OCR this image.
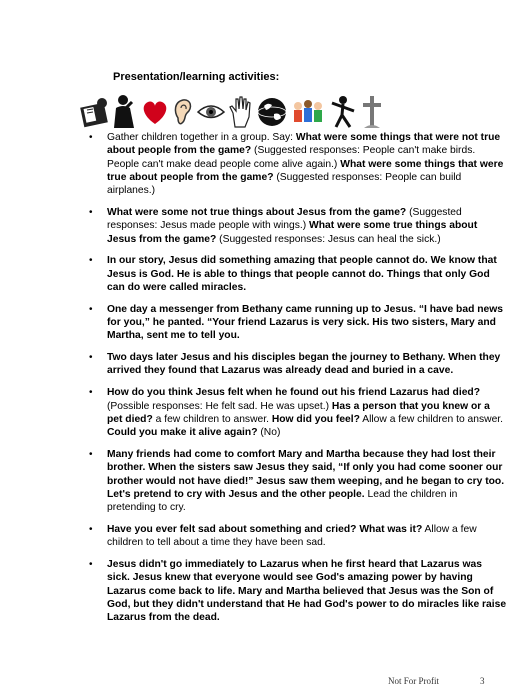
Presentation/learning activities:
• Gather children together in a group. Say: What were some things that were not true about people from the game? (Suggested responses: People can't make birds. People can't make dead people come alive again.) What were some things that were true about people from the game? (Suggested responses: People can build airplanes.)
• What were some not true things about Jesus from the game? (Suggested responses: Jesus made people with wings.) What were some true things about Jesus from the game? (Suggested responses: Jesus can heal the sick.)
• In our story, Jesus did something amazing that people cannot do. We know that Jesus is God. He is able to things that people cannot do. Things that only God can do were called miracles.
• One day a messenger from Bethany came running up to Jesus. “I have bad news for you,” he panted. “Your friend Lazarus is very sick. His two sisters, Mary and Martha, sent me to tell you.
• Two days later Jesus and his disciples began the journey to Bethany. When they arrived they found that Lazarus was already dead and buried in a cave.
• How do you think Jesus felt when he found out his friend Lazarus had died? (Possible responses: He felt sad. He was upset.) Has a person that you knew or a pet died? a few children to answer. How did you feel? Allow a few children to answer. Could you make it alive again? (No)
• Many friends had come to comfort Mary and Martha because they had lost their brother. When the sisters saw Jesus they said, “If only you had come sooner our brother would not have died!” Jesus saw them weeping, and he began to cry too. Let's pretend to cry with Jesus and the other people. Lead the children in pretending to cry.
• Have you ever felt sad about something and cried? What was it? Allow a few children to tell about a time they have been sad.
• Jesus didn't go immediately to Lazarus when he first heard that Lazarus was sick. Jesus knew that everyone would see God's amazing power by having Lazarus come back to life. Mary and Martha believed that Jesus was the Son of God, but they didn't understand that He had God's power to do miracles like raise Lazarus from the dead.
Not For Profit	3
